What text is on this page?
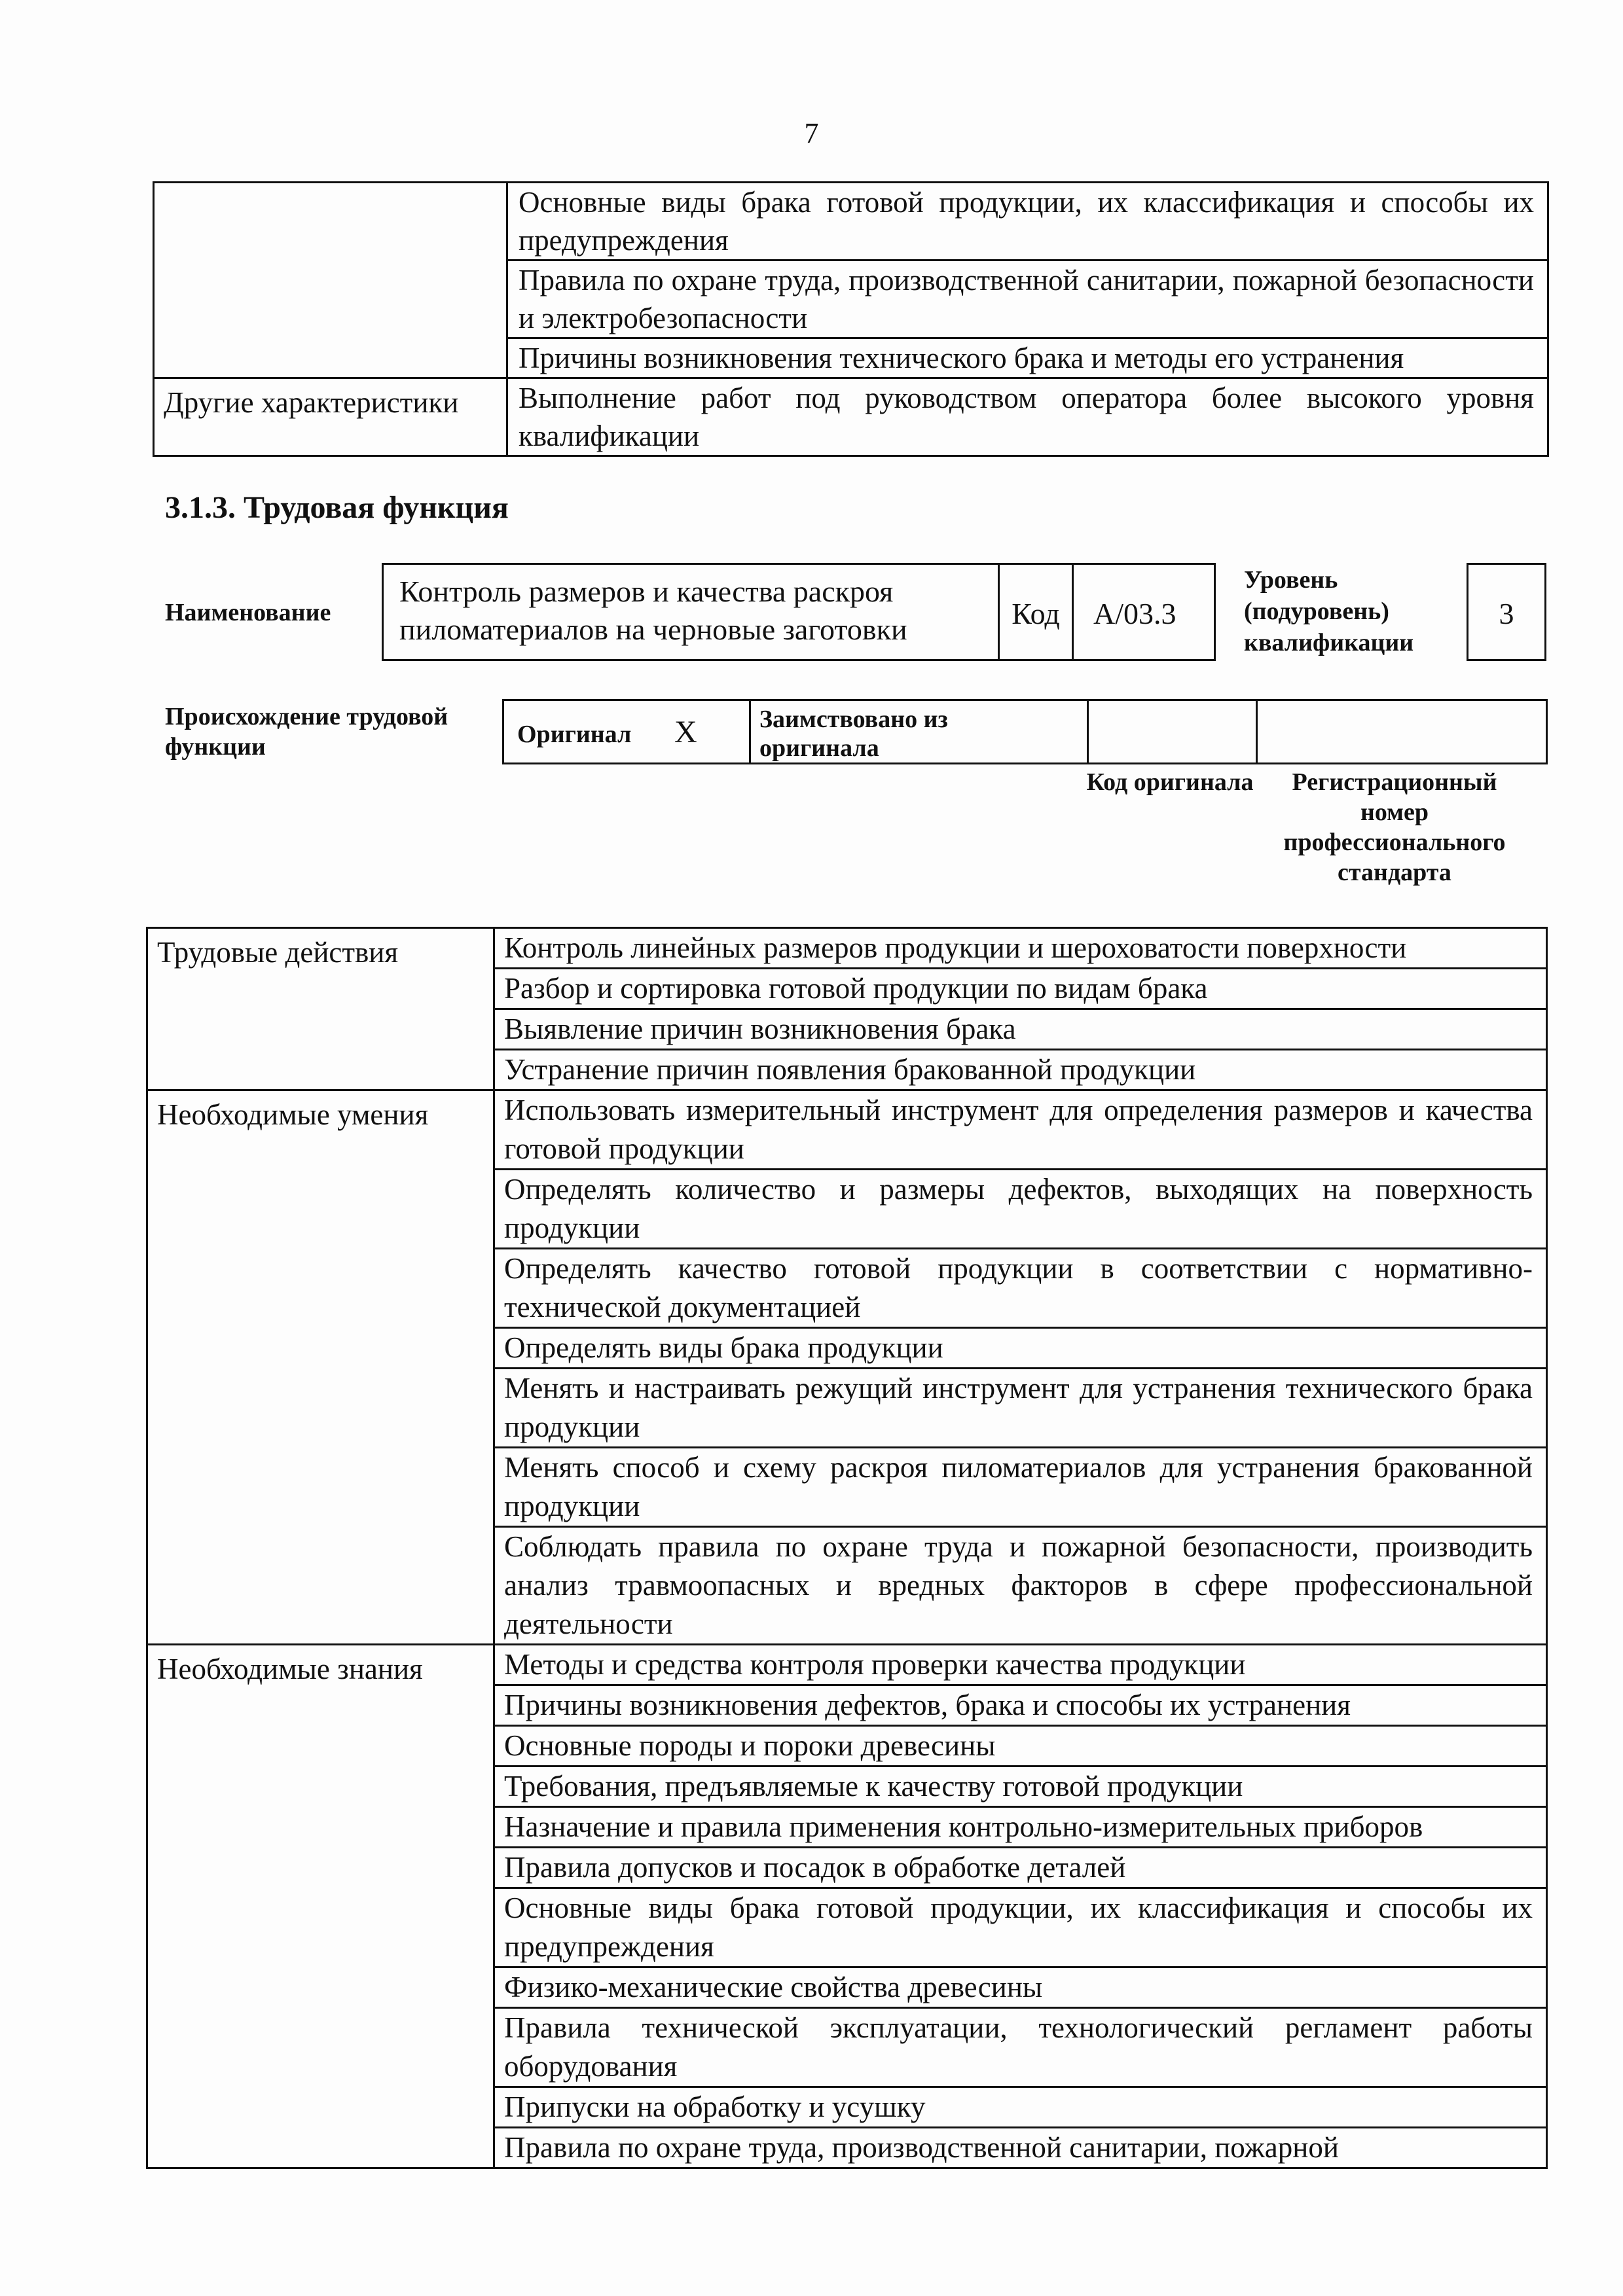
7
	Основные виды брака готовой продукции, их классификация и способы их предупреждения
	Правила по охране труда, производственной санитарии, пожарной безопасности и электробезопасности
	Причины возникновения технического брака и методы его устранения
Другие характеристики	Выполнение работ под руководством оператора более высокого уровня квалификации
3.1.3. Трудовая функция
Наименование
Контроль размеров и качества раскроя пиломатериалов на черновые заготовки	Код	A/03.3
Уровень (подуровень) квалификации
3
Происхождение трудовой функции	Оригинал X	Заимствовано из оригинала
Код оригинала	Регистрационный номер профессионального стандарта
Трудовые действия	Контроль линейных размеров продукции и шероховатости поверхности
	Разбор и сортировка готовой продукции по видам брака
	Выявление причин возникновения брака
	Устранение причин появления бракованной продукции
Необходимые умения	Использовать измерительный инструмент для определения размеров и качества готовой продукции
	Определять количество и размеры дефектов, выходящих на поверхность продукции
	Определять качество готовой продукции в соответствии с нормативно-технической документацией
	Определять виды брака продукции
	Менять и настраивать режущий инструмент для устранения технического брака продукции
	Менять способ и схему раскроя пиломатериалов для устранения бракованной продукции
	Соблюдать правила по охране труда и пожарной безопасности, производить анализ травмоопасных и вредных факторов в сфере профессиональной деятельности
Необходимые знания	Методы и средства контроля проверки качества продукции
	Причины возникновения дефектов, брака и способы их устранения
	Основные породы и пороки древесины
	Требования, предъявляемые к качеству готовой продукции
	Назначение и правила применения контрольно-измерительных приборов
	Правила допусков и посадок в обработке деталей
	Основные виды брака готовой продукции, их классификация и способы их предупреждения
	Физико-механические свойства древесины
	Правила технической эксплуатации, технологический регламент работы оборудования
	Припуски на обработку и усушку
	Правила по охране труда, производственной санитарии, пожарной
